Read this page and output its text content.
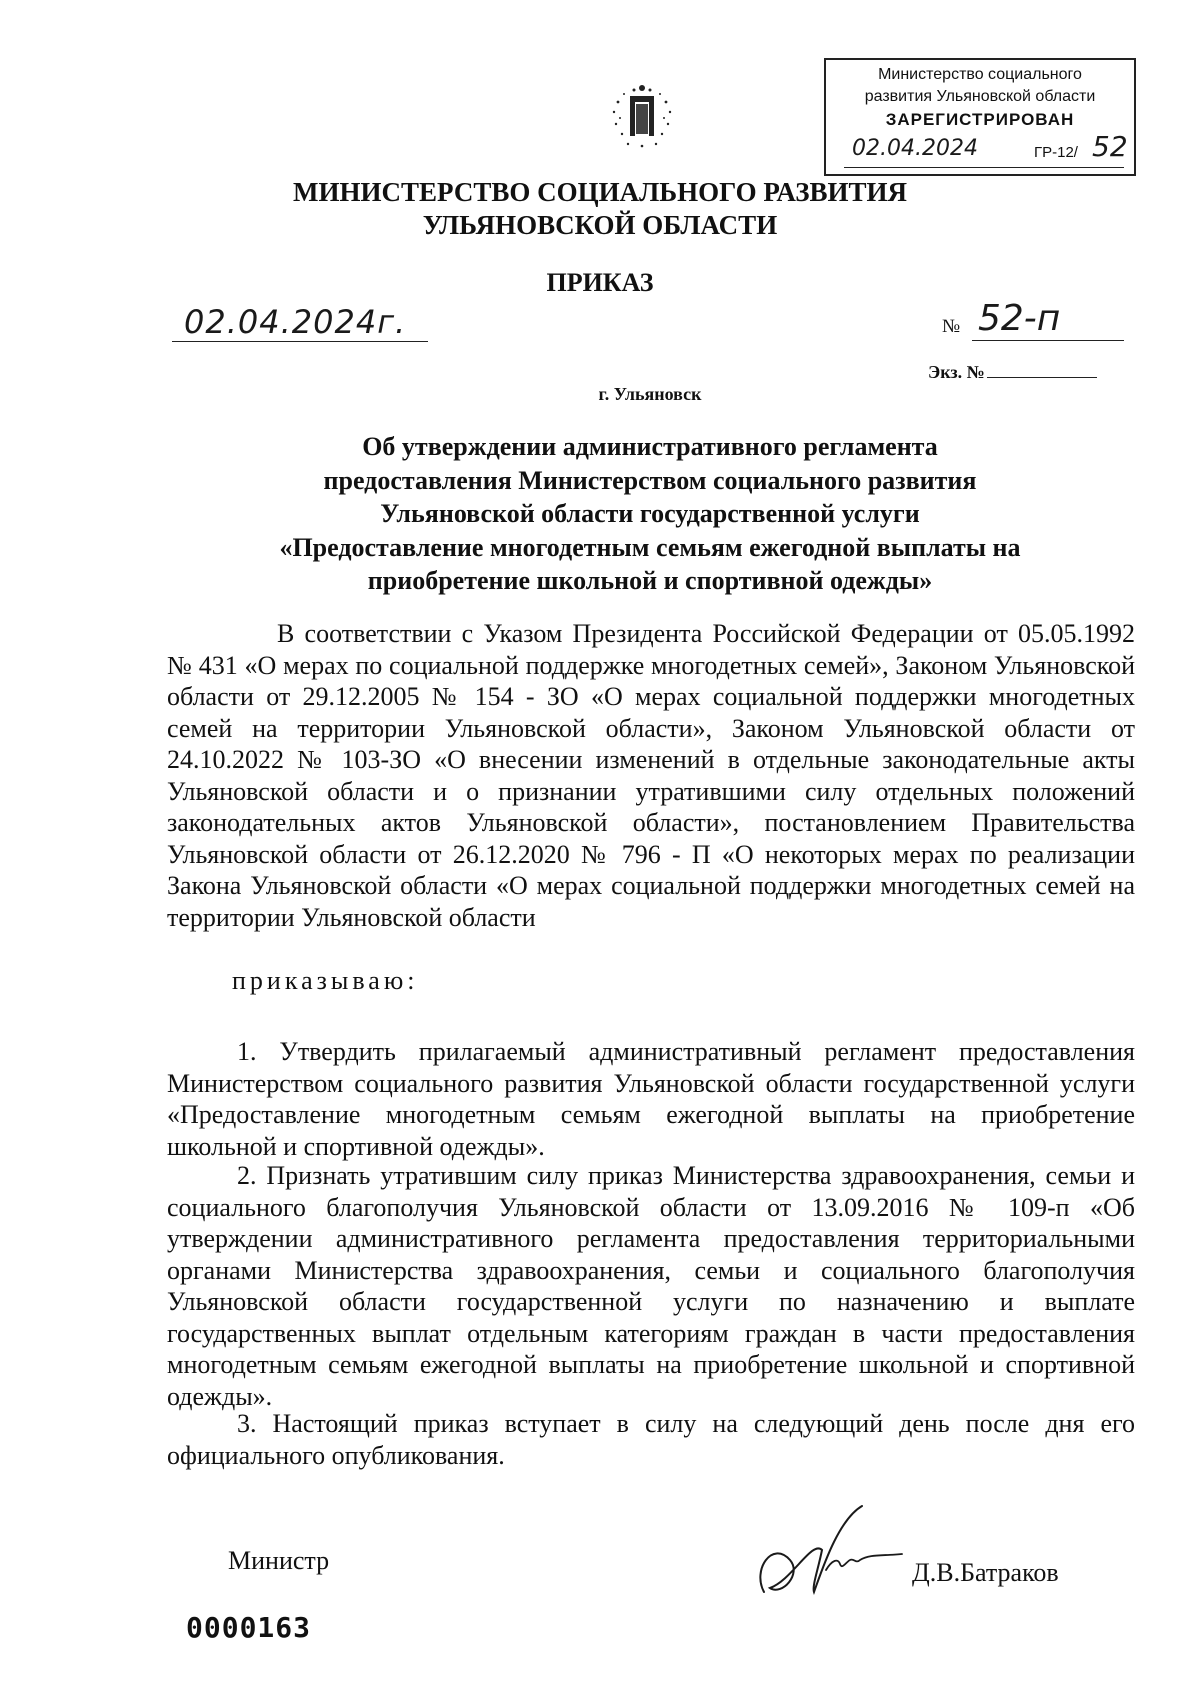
Министерство социального
развития Ульяновской области
ЗАРЕГИСТРИРОВАН
02.04.2024	ГР-12/ 52
МИНИСТЕРСТВО СОЦИАЛЬНОГО РАЗВИТИЯ
УЛЬЯНОВСКОЙ ОБЛАСТИ
ПРИКАЗ
02.04.2024г.	№ 52-п
Экз. №
г. Ульяновск
Об утверждении административного регламента
предоставления Министерством социального развития
Ульяновской области государственной услуги
«Предоставление многодетным семьям ежегодной выплаты на
приобретение школьной и спортивной одежды»
В соответствии с Указом Президента Российской Федерации от 05.05.1992 № 431 «О мерах по социальной поддержке многодетных семей», Законом Ульяновской области от 29.12.2005 № 154 - ЗО «О мерах социальной поддержки многодетных семей на территории Ульяновской области», Законом Ульяновской области от 24.10.2022 № 103-ЗО «О внесении изменений в отдельные законодательные акты Ульяновской области и о признании утратившими силу отдельных положений законодательных актов Ульяновской области», постановлением Правительства Ульяновской области от 26.12.2020 № 796 - П «О некоторых мерах по реализации Закона Ульяновской области «О мерах социальной поддержки многодетных семей на территории Ульяновской области
приказываю:
1. Утвердить прилагаемый административный регламент предоставления Министерством социального развития Ульяновской области государственной услуги «Предоставление многодетным семьям ежегодной выплаты на приобретение школьной и спортивной одежды».
2. Признать утратившим силу приказ Министерства здравоохранения, семьи и социального благополучия Ульяновской области от 13.09.2016 № 109-п «Об утверждении административного регламента предоставления территориальными органами Министерства здравоохранения, семьи и социального благополучия Ульяновской области государственной услуги по назначению и выплате государственных выплат отдельным категориям граждан в части предоставления многодетным семьям ежегодной выплаты на приобретение школьной и спортивной одежды».
3. Настоящий приказ вступает в силу на следующий день после дня его официального опубликования.
Министр	Д.В.Батраков
0000163
